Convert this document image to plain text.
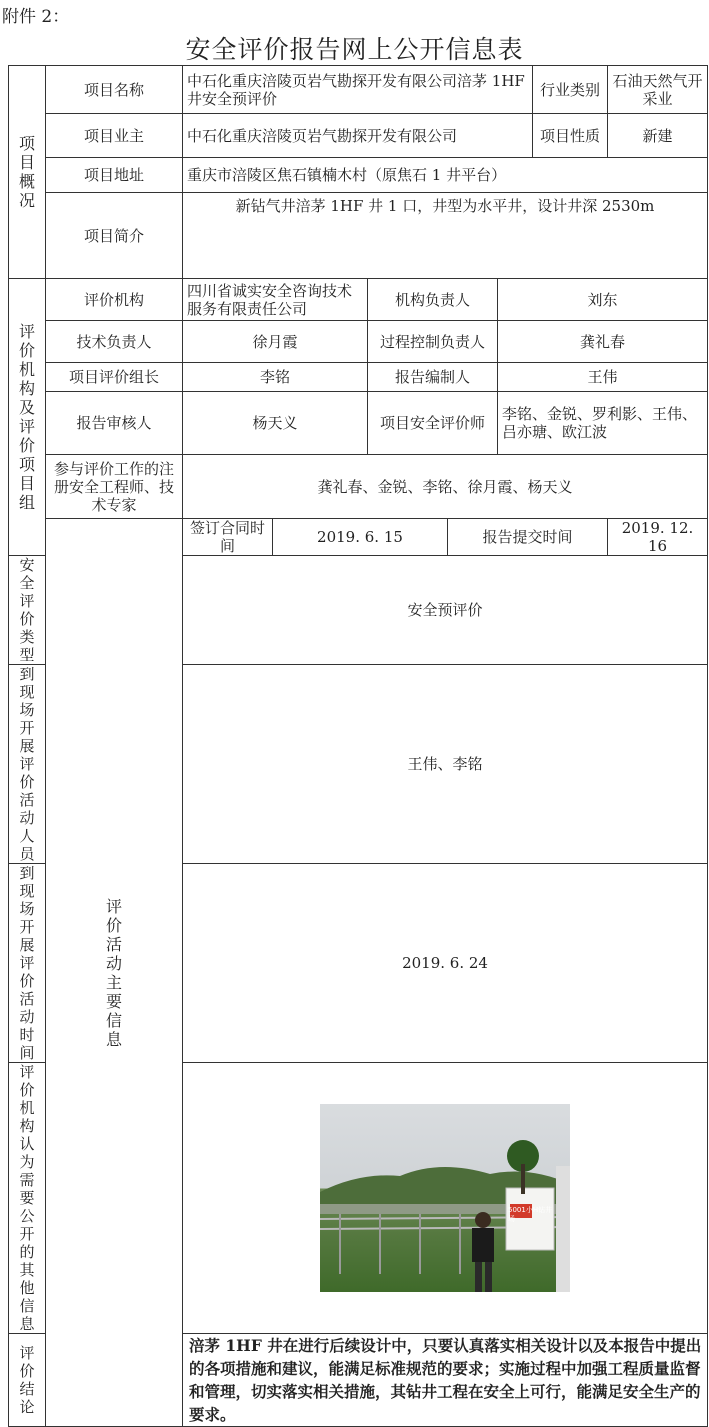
附件 2：
安全评价报告网上公开信息表
项目概况	项目名称	中石化重庆涪陵页岩气勘探开发有限公司涪茅 1HF 井安全预评价					行业类别	石油天然气开采业
	项目业主	中石化重庆涪陵页岩气勘探开发有限公司					项目性质	新建
	项目地址	重庆市涪陵区焦石镇楠木村（原焦石 1 井平台）						
	项目简介	新钻气井涪茅 1HF 井 1 口，井型为水平井，设计井深 2530m						
评价机构及评价项目组	评价机构	四川省诚实安全咨询技术服务有限责任公司		机构负责人		刘东		
	技术负责人	徐月霞		过程控制负责人		龚礼春		
	项目评价组长	李铭		报告编制人		王伟		
	报告审核人	杨天义		项目安全评价师		李铭、金锐、罗利影、王伟、吕亦瑭、欧江波		
	参与评价工作的注册安全工程师、技术专家	龚礼春、金锐、李铭、徐月霞、杨天义						
	评价活动主要信息	签订合同时间	2019. 6. 15		报告提交时间			2019. 12. 16
安全评价类型		安全预评价						
到现场开展评价活动人员		王伟、李铭						
到现场开展评价活动时间		2019. 6. 24						
评价机构认为需要公开的其他信息		5001小H钻井场						

评价结论		涪茅 1HF 井在进行后续设计中，只要认真落实相关设计以及本报告中提出的各项措施和建议，能满足标准规范的要求；实施过程中加强工程质量监督和管理，切实落实相关措施，其钻井工程在安全上可行，能满足安全生产的要求。						
